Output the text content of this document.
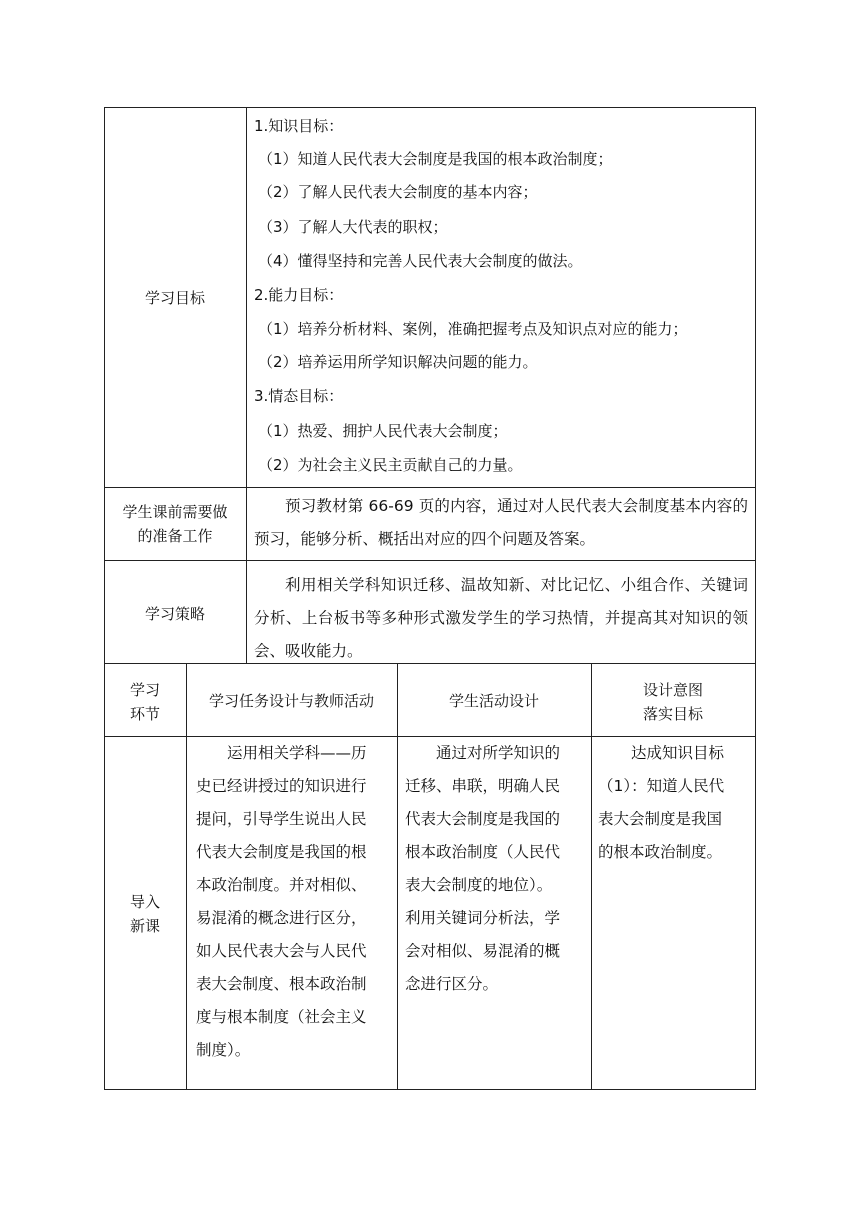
学习目标
1.知识目标：
（1）知道人民代表大会制度是我国的根本政治制度；
（2）了解人民代表大会制度的基本内容；
（3）了解人大代表的职权；
（4）懂得坚持和完善人民代表大会制度的做法。
2.能力目标：
（1）培养分析材料、案例，准确把握考点及知识点对应的能力；
（2）培养运用所学知识解决问题的能力。
3.情态目标：
（1）热爱、拥护人民代表大会制度；
（2）为社会主义民主贡献自己的力量。
学生课前需要做
的准备工作
预习教材第 66-69 页的内容，通过对人民代表大会制度基本内容的预习，能够分析、概括出对应的四个问题及答案。
学习策略
利用相关学科知识迁移、温故知新、对比记忆、小组合作、关键词分析、上台板书等多种形式激发学生的学习热情，并提高其对知识的领会、吸收能力。
学习
环节
学习任务设计与教师活动	学生活动设计
设计意图
落实目标
导入
新课
运用相关学科——历
史已经讲授过的知识进行
提问，引导学生说出人民
代表大会制度是我国的根
本政治制度。并对相似、
易混淆的概念进行区分，
如人民代表大会与人民代
表大会制度、根本政治制
度与根本制度（社会主义
制度）。
通过对所学知识的
迁移、串联，明确人民
代表大会制度是我国的
根本政治制度（人民代
表大会制度的地位）。
利用关键词分析法，学
会对相似、易混淆的概
念进行区分。
达成知识目标
（1）：知道人民代
表大会制度是我国
的根本政治制度。
